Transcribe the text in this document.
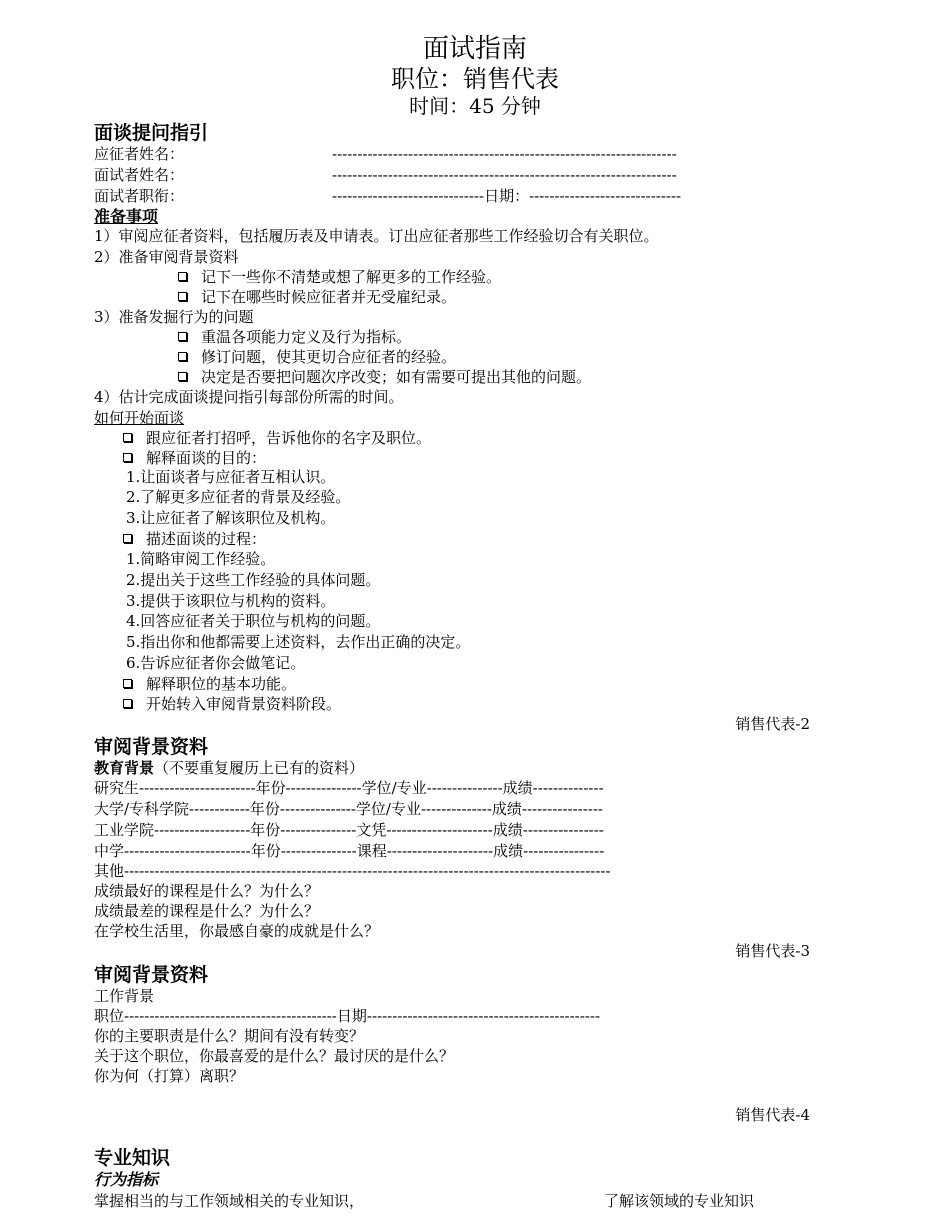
面试指南
职位：销售代表
时间：45 分钟
面谈提问指引
应征者姓名：	--------------------------------------------------------------------
面试者姓名：	--------------------------------------------------------------------
面试者职衔：	------------------------------日期：------------------------------
准备事项
1）审阅应征者资料，包括履历表及申请表。订出应征者那些工作经验切合有关职位。
2）准备审阅背景资料
记下一些你不清楚或想了解更多的工作经验。
记下在哪些时候应征者并无受雇纪录。
3）准备发掘行为的问题
重温各项能力定义及行为指标。
修订问题，使其更切合应征者的经验。
决定是否要把问题次序改变；如有需要可提出其他的问题。
4）估计完成面谈提问指引每部份所需的时间。
如何开始面谈
跟应征者打招呼，告诉他你的名字及职位。
解释面谈的目的：
1.让面谈者与应征者互相认识。
2.了解更多应征者的背景及经验。
3.让应征者了解该职位及机构。
描述面谈的过程：
1.简略审阅工作经验。
2.提出关于这些工作经验的具体问题。
3.提供于该职位与机构的资料。
4.回答应征者关于职位与机构的问题。
5.指出你和他都需要上述资料，去作出正确的决定。
6.告诉应征者你会做笔记。
解释职位的基本功能。
开始转入审阅背景资料阶段。
销售代表-2
审阅背景资料
教育背景（不要重复履历上已有的资料）
研究生-----------------------年份---------------学位/专业---------------成绩--------------
大学/专科学院------------年份---------------学位/专业--------------成绩----------------
工业学院-------------------年份---------------文凭---------------------成绩----------------
中学-------------------------年份---------------课程---------------------成绩----------------
其他------------------------------------------------------------------------------------------------
成绩最好的课程是什么？为什么？
成绩最差的课程是什么？为什么？
在学校生活里，你最感自豪的成就是什么？
销售代表-3
审阅背景资料
工作背景
职位------------------------------------------日期----------------------------------------------
你的主要职责是什么？期间有没有转变？
关于这个职位，你最喜爱的是什么？最讨厌的是什么？
你为何（打算）离职？
销售代表-4
专业知识
行为指标
掌握相当的与工作领域相关的专业知识，	了解该领域的专业知识
